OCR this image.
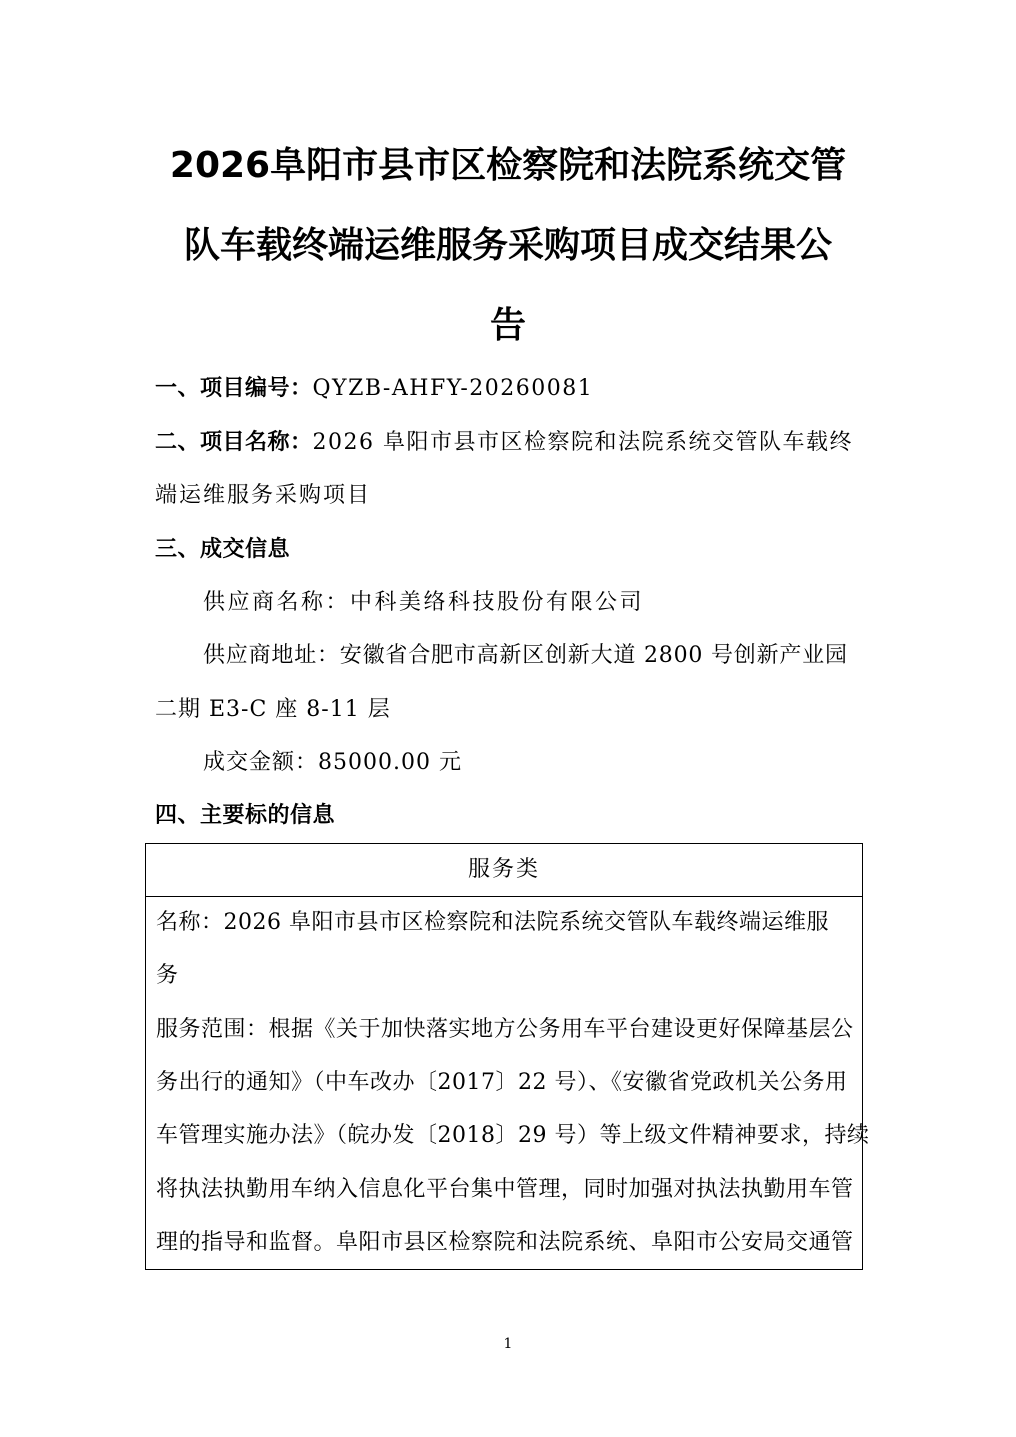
2026阜阳市县市区检察院和法院系统交管
队车载终端运维服务采购项目成交结果公
告
一、项目编号：QYZB-AHFY-20260081
二、项目名称：2026 阜阳市县市区检察院和法院系统交管队车载终
端运维服务采购项目
三、成交信息
供应商名称：中科美络科技股份有限公司
供应商地址：安徽省合肥市高新区创新大道 2800 号创新产业园
二期 E3-C 座 8-11 层
成交金额：85000.00 元
四、主要标的信息
服务类
名称：2026 阜阳市县市区检察院和法院系统交管队车载终端运维服
务
服务范围：根据《关于加快落实地方公务用车平台建设更好保障基层公
务出行的通知》（中车改办〔2017〕22 号）、《安徽省党政机关公务用
车管理实施办法》（皖办发〔2018〕29 号）等上级文件精神要求，持续
将执法执勤用车纳入信息化平台集中管理，同时加强对执法执勤用车管
理的指导和监督。阜阳市县区检察院和法院系统、阜阳市公安局交通管
1
